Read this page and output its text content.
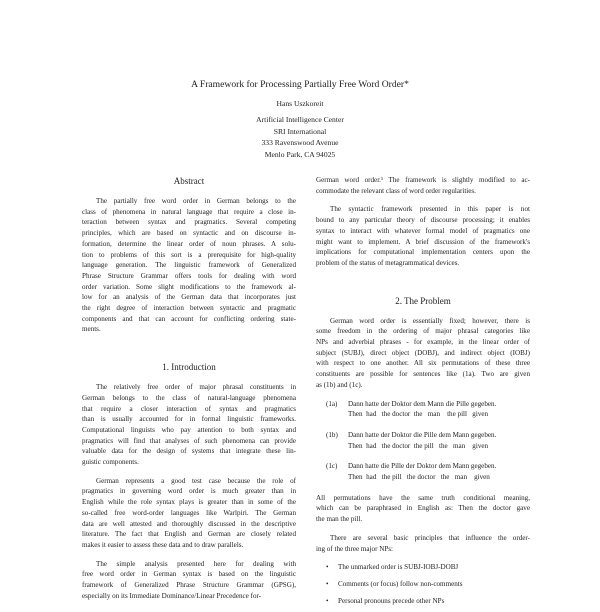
A Framework for Processing Partially Free Word Order*
Hans Uszkoreit
Artificial Intelligence Center
SRI International
333 Ravenswood Avenue
Menlo Park, CA 94025
Abstract
The partially free word order in German belongs to the
class of phenomena in natural language that require a close in-
teraction between syntax and pragmatics. Several competing
principles, which are based on syntactic and on discourse in-
formation, determine the linear order of noun phrases. A solu-
tion to problems of this sort is a prerequisite for high-quality
language generation. The linguistic framework of Generalized
Phrase Structure Grammar offers tools for dealing with word
order variation. Some slight modifications to the framework al-
low for an analysis of the German data that incorporates just
the right degree of interaction between syntactic and pragmatic
components and that can account for conflicting ordering state-
ments.
1. Introduction
The relatively free order of major phrasal constituents in
German belongs to the class of natural-language phenomena
that require a closer interaction of syntax and pragmatics
than is usually accounted for in formal linguistic frameworks.
Computational linguists who pay attention to both syntax and
pragmatics will find that analyses of such phenomena can provide
valuable data for the design of systems that integrate these lin-
guistic components.
German represents a good test case because the role of
pragmatics in governing word order is much greater than in
English while the role syntax plays is greater than in some of the
so-called free word-order languages like Warlpiri. The German
data are well attested and thoroughly discussed in the descriptive
literature. The fact that English and German are closely related
makes it easier to assess these data and to draw parallels.
The simple analysis presented here for dealing with
free word order in German syntax is based on the linguistic
framework of Generalized Phrase Structure Grammar (GPSG),
especially on its Immediate Dominance/Linear Precedence for-
German word order.¹ The framework is slightly modified to ac-
commodate the relevant class of word order regularities.
The syntactic framework presented in this paper is not
bound to any particular theory of discourse processing; it enables
syntax to interact with whatever formal model of pragmatics one
might want to implement. A brief discussion of the framework's
implications for computational implementation centers upon the
problem of the status of metagrammatical devices.
2. The Problem
German word order is essentially fixed; however, there is
some freedom in the ordering of major phrasal categories like
NPs and adverbial phrases - for example, in the linear order of
subject (SUBJ), direct object (DOBJ), and indirect object (IOBJ)
with respect to one another. All six permutations of these three
constituents are possible for sentences like (1a). Two are given
as (1b) and (1c).
(1a) Dann hatte der Doktor dem Mann die Pille gegeben.
Then  had   the doctor  the   man    the pill   given
(1b) Dann hatte der Doktor die Pille dem Mann gegeben.
Then  had   the doctor  the pill   the   man    given
(1c) Dann hatte die Pille der Doktor dem Mann gegeben.
Then  had   the pill   the doctor   the   man    given
All permutations have the same truth conditional meaning,
which can be paraphrased in English as: Then the doctor gave
the man the pill.
There are several basic principles that influence the order-
ing of the three major NPs:
• The unmarked order is SUBJ-IOBJ-DOBJ
• Comments (or focus) follow non-comments
• Personal pronouns precede other NPs
